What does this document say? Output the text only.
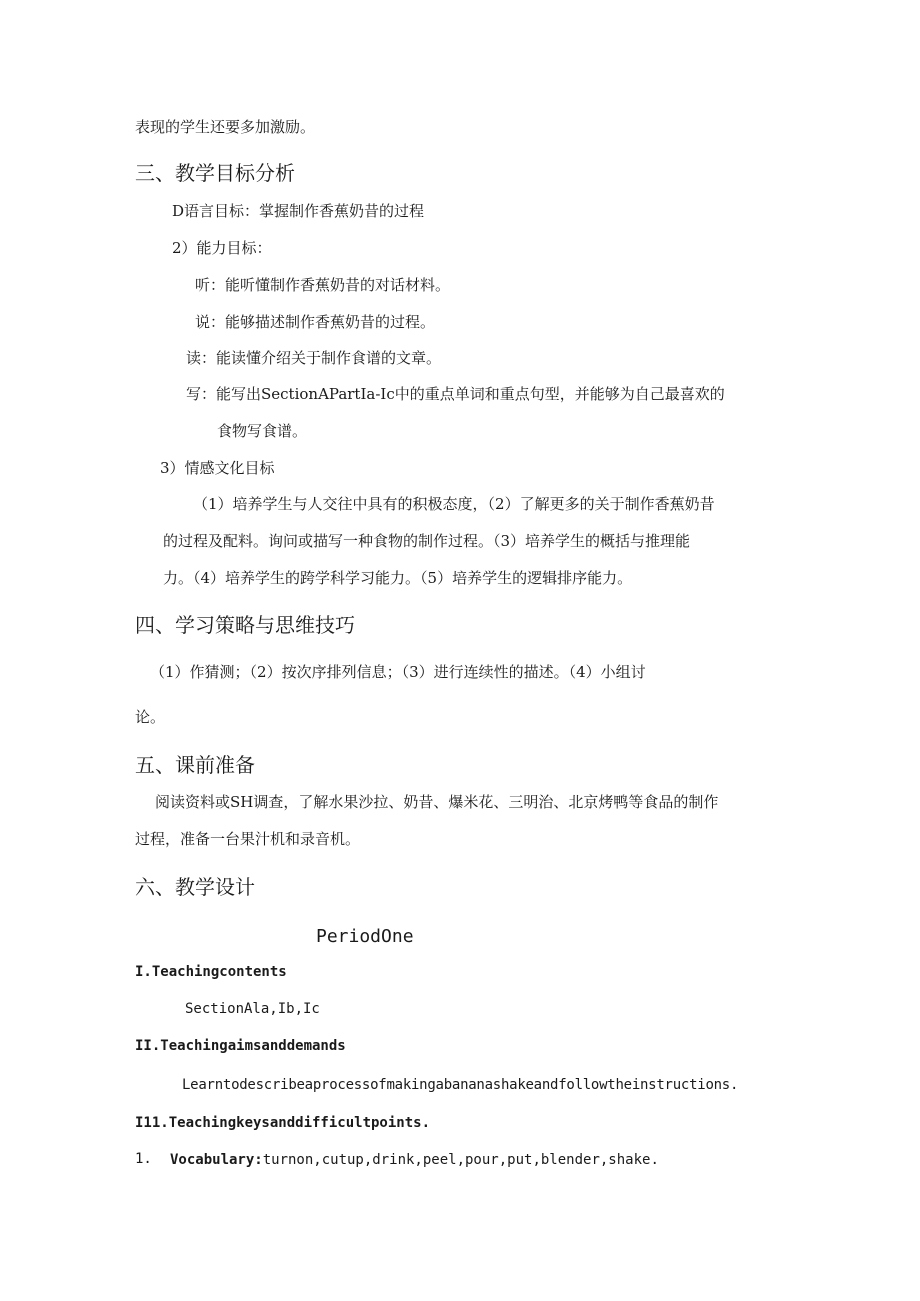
表现的学生还要多加激励。
三、教学目标分析
D语言目标：掌握制作香蕉奶昔的过程
2）能力目标：
听：能听懂制作香蕉奶昔的对话材料。
说：能够描述制作香蕉奶昔的过程。
读：能读懂介绍关于制作食谱的文章。
写：能写出SectionAPartIa-Ic中的重点单词和重点句型，并能够为自己最喜欢的
食物写食谱。
3）情感文化目标
（1）培养学生与人交往中具有的积极态度，（2）了解更多的关于制作香蕉奶昔
的过程及配料。询问或描写一种食物的制作过程。（3）培养学生的概括与推理能
力。（4）培养学生的跨学科学习能力。（5）培养学生的逻辑排序能力。
四、学习策略与思维技巧
（1）作猜测；（2）按次序排列信息；（3）进行连续性的描述。（4）小组讨
论。
五、课前准备
阅读资料或SH调查，了解水果沙拉、奶昔、爆米花、三明治、北京烤鸭等食品的制作
过程，准备一台果汁机和录音机。
六、教学设计
PeriodOne
I.Teachingcontents
SectionAla,Ib,Ic
II.Teachingaimsanddemands
Learntodescribeaprocessofmakingabananashakeandfollowtheinstructions.
I11.Teachingkeysanddifficultpoints.
1. Vocabulary:turnon,cutup,drink,peel,pour,put,blender,shake.
